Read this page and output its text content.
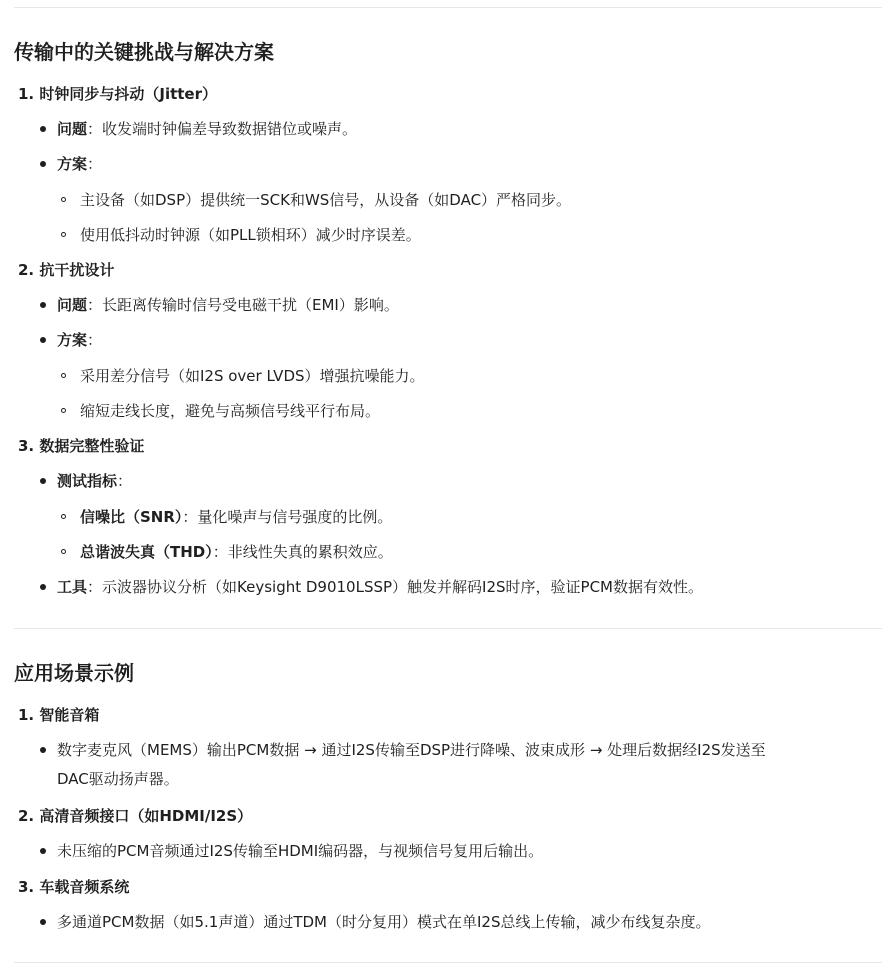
传输中的关键挑战与解决方案
1. 时钟同步与抖动（Jitter）
问题：收发端时钟偏差导致数据错位或噪声。
方案：
主设备（如DSP）提供统一SCK和WS信号，从设备（如DAC）严格同步。
使用低抖动时钟源（如PLL锁相环）减少时序误差。
2. 抗干扰设计
问题：长距离传输时信号受电磁干扰（EMI）影响。
方案：
采用差分信号（如I2S over LVDS）增强抗噪能力。
缩短走线长度，避免与高频信号线平行布局。
3. 数据完整性验证
测试指标：
信噪比（SNR）：量化噪声与信号强度的比例。
总谐波失真（THD）：非线性失真的累积效应。
工具：示波器协议分析（如Keysight D9010LSSP）触发并解码I2S时序，验证PCM数据有效性。
应用场景示例
1. 智能音箱
数字麦克风（MEMS）输出PCM数据 → 通过I2S传输至DSP进行降噪、波束成形 → 处理后数据经I2S发送至
DAC驱动扬声器。
2. 高清音频接口（如HDMI/I2S）
未压缩的PCM音频通过I2S传输至HDMI编码器，与视频信号复用后输出。
3. 车载音频系统
多通道PCM数据（如5.1声道）通过TDM（时分复用）模式在单I2S总线上传输，减少布线复杂度。
